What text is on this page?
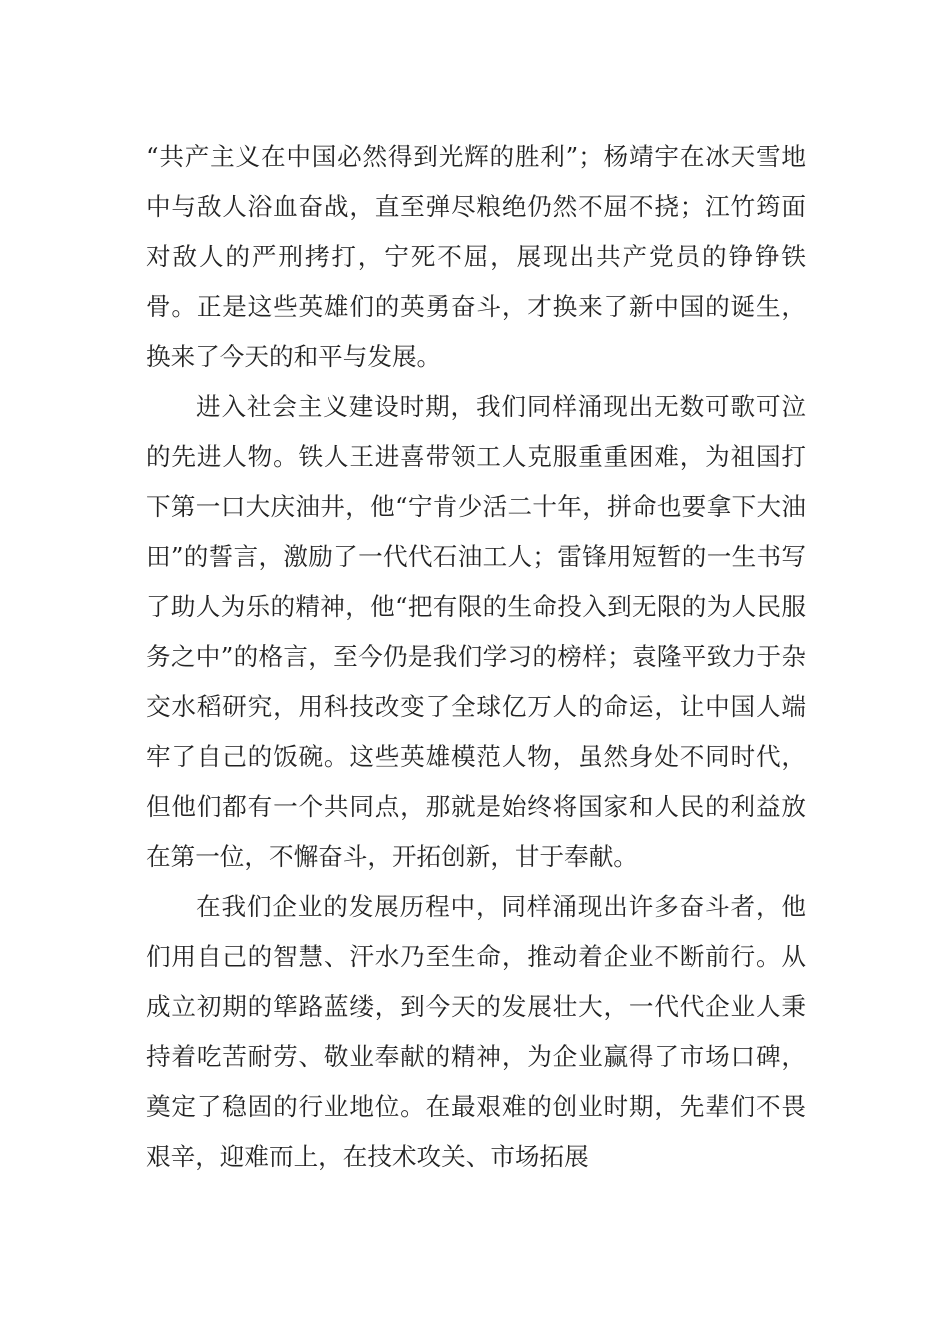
“共产主义在中国必然得到光辉的胜利”；杨靖宇在冰天雪地中与敌人浴血奋战，直至弹尽粮绝仍然不屈不挠；江竹筠面对敌人的严刑拷打，宁死不屈，展现出共产党员的铮铮铁骨。正是这些英雄们的英勇奋斗，才换来了新中国的诞生，换来了今天的和平与发展。

进入社会主义建设时期，我们同样涌现出无数可歌可泣的先进人物。铁人王进喜带领工人克服重重困难，为祖国打下第一口大庆油井，他“宁肯少活二十年，拼命也要拿下大油田”的誓言，激励了一代代石油工人；雷锋用短暂的一生书写了助人为乐的精神，他“把有限的生命投入到无限的为人民服务之中”的格言，至今仍是我们学习的榜样；袁隆平致力于杂交水稻研究，用科技改变了全球亿万人的命运，让中国人端牢了自己的饭碗。这些英雄模范人物，虽然身处不同时代，但他们都有一个共同点，那就是始终将国家和人民的利益放在第一位，不懈奋斗，开拓创新，甘于奉献。

在我们企业的发展历程中，同样涌现出许多奋斗者，他们用自己的智慧、汗水乃至生命，推动着企业不断前行。从成立初期的筚路蓝缕，到今天的发展壮大，一代代企业人秉持着吃苦耐劳、敬业奉献的精神，为企业赢得了市场口碑，奠定了稳固的行业地位。在最艰难的创业时期，先辈们不畏艰辛，迎难而上，在技术攻关、市场拓展
